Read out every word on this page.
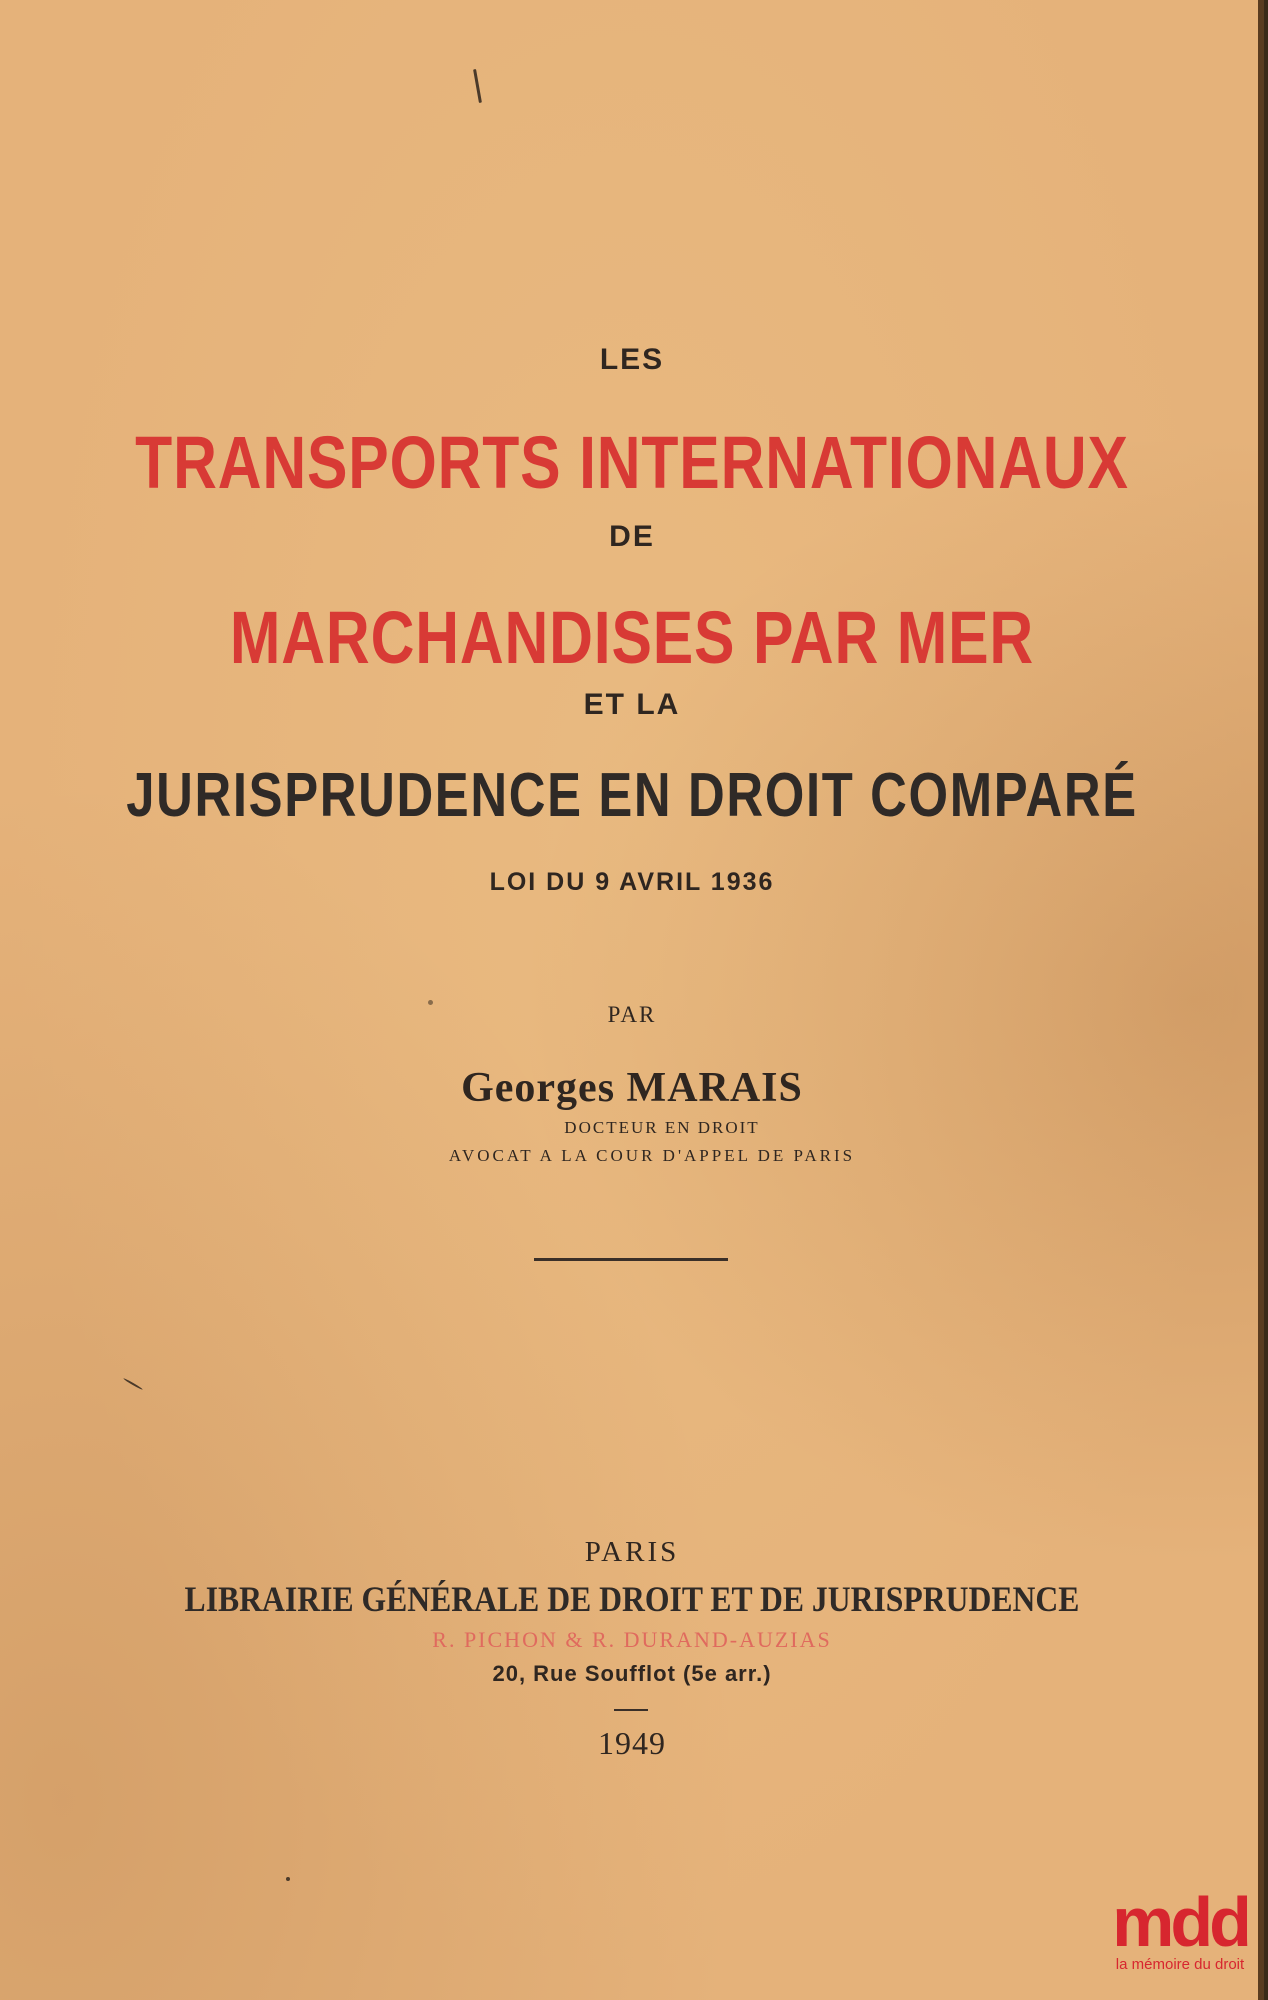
LES
TRANSPORTS INTERNATIONAUX
DE
MARCHANDISES PAR MER
ET LA
JURISPRUDENCE EN DROIT COMPARÉ
LOI DU 9 AVRIL 1936
PAR
Georges MARAIS
DOCTEUR EN DROIT
AVOCAT A LA COUR D'APPEL DE PARIS
PARIS
LIBRAIRIE GÉNÉRALE DE DROIT ET DE JURISPRUDENCE
R. PICHON & R. DURAND-AUZIAS
20, Rue Soufflot (5e arr.)
1949
mdd
la mémoire du droit
